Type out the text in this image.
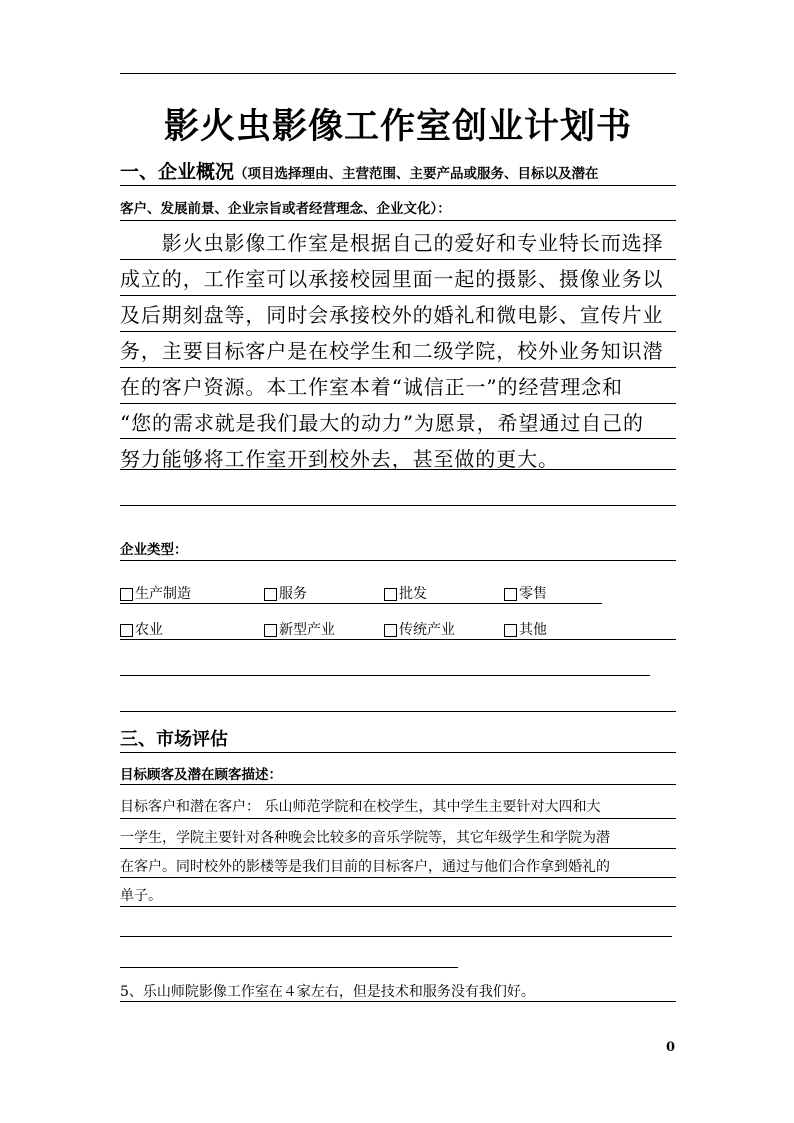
影火虫影像工作室创业计划书
一、企业概况（项目选择理由、主营范围、主要产品或服务、目标以及潜在
客户、发展前景、企业宗旨或者经营理念、企业文化）：
　　影火虫影像工作室是根据自己的爱好和专业特长而选择
成立的，工作室可以承接校园里面一起的摄影、摄像业务以
及后期刻盘等，同时会承接校外的婚礼和微电影、宣传片业
务，主要目标客户是在校学生和二级学院，校外业务知识潜
在的客户资源。本工作室本着“诚信正一”的经营理念和
“您的需求就是我们最大的动力”为愿景，希望通过自己的
努力能够将工作室开到校外去，甚至做的更大。
企业类型：
生产制造	服务	批发	零售
农业	新型产业	传统产业	其他
三、市场评估
目标顾客及潜在顾客描述：
目标客户和潜在客户： 乐山师范学院和在校学生，其中学生主要针对大四和大
一学生，学院主要针对各种晚会比较多的音乐学院等，其它年级学生和学院为潜
在客户。同时校外的影楼等是我们目前的目标客户，通过与他们合作拿到婚礼的
单子。
5、乐山师院影像工作室在４家左右，但是技术和服务没有我们好。
0
